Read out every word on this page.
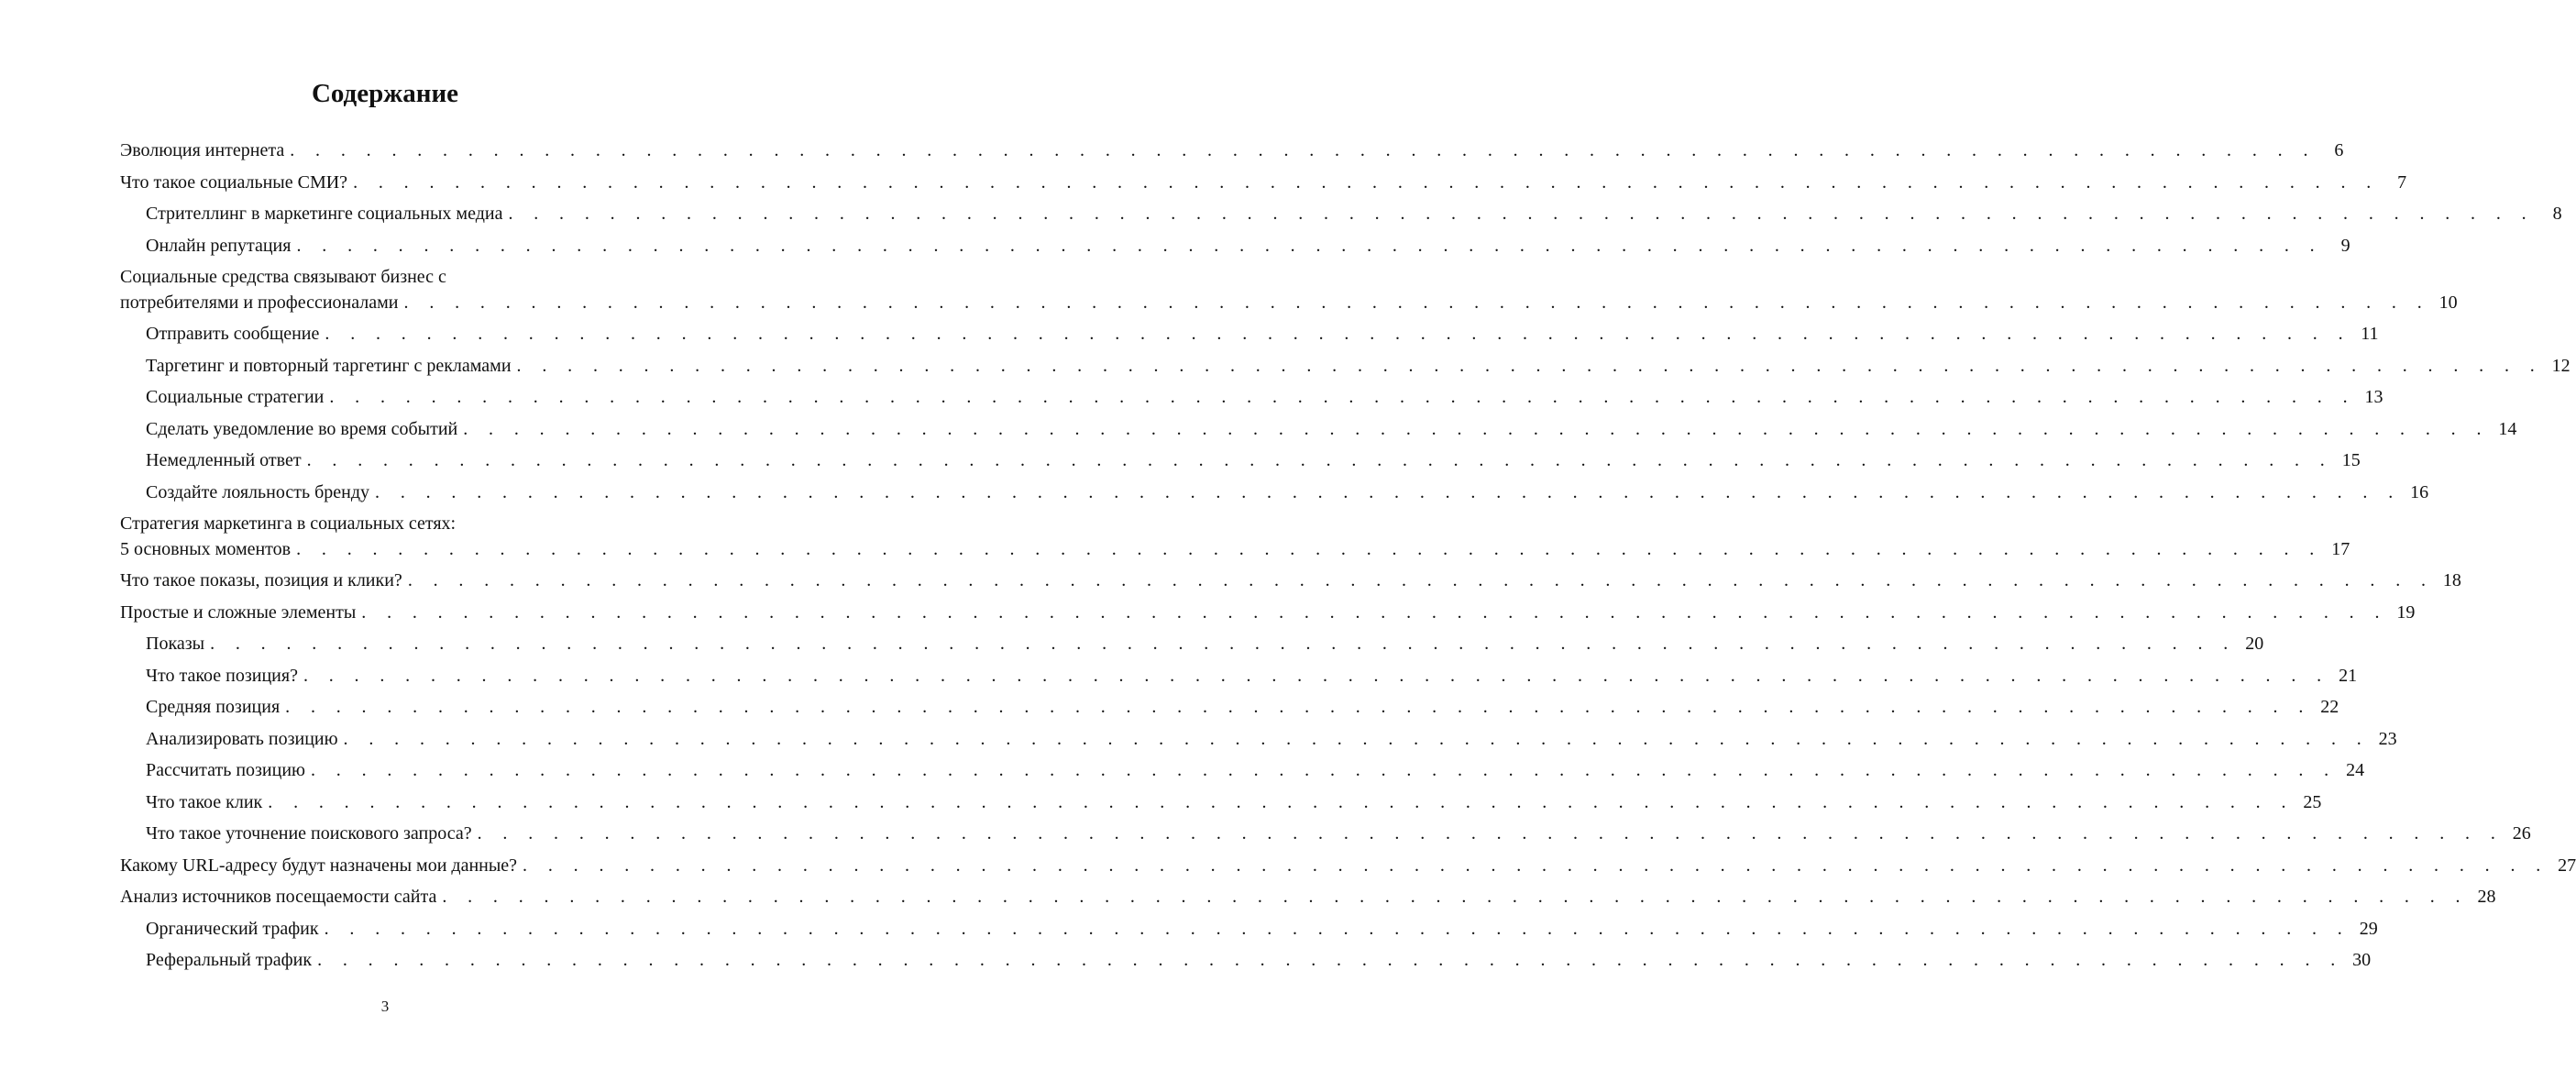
Содержание
Эволюция интернета . . . . . . . . . . . . . . . . . . . . . . . . . . . . . . . . . . . . . . . . . . . . . . . . . . . . . . . . . . . . . . . . . . . . . . . . . . . . . . . .	6
Что такое социальные СМИ? . . . . . . . . . . . . . . . . . . . . . . . . . . . . . . . . . . . . . . . . . . . . . . . . . . . . . . . . . . . . . . . . . . . . . . . . . . . . . . . .	7
Стрителлинг в маркетинге социальных медиа . . . . . . . . . . . . . . . . . . . . . . . . . . . . . . . . . . . . . . . . . . . . . . . . . . . . . . . . . . . . . . . . . . . . . . . . . . . . . . . .	8
Онлайн репутация . . . . . . . . . . . . . . . . . . . . . . . . . . . . . . . . . . . . . . . . . . . . . . . . . . . . . . . . . . . . . . . . . . . . . . . . . . . . . . . .	9
Социальные средства связывают бизнес с
потребителями и профессионалами . . . . . . . . . . . . . . . . . . . . . . . . . . . . . . . . . . . . . . . . . . . . . . . . . . . . . . . . . . . . . . . . . . . . . . . . . . . . . . . . 10
Отправить сообщение . . . . . . . . . . . . . . . . . . . . . . . . . . . . . . . . . . . . . . . . . . . . . . . . . . . . . . . . . . . . . . . . . . . . . . . . . . . . . . . . 11
Таргетинг и повторный таргетинг с рекламами . . . . . . . . . . . . . . . . . . . . . . . . . . . . . . . . . . . . . . . . . . . . . . . . . . . . . . . . . . . . . . . . . . . . . . . . . . . . . . . . 12
Социальные стратегии . . . . . . . . . . . . . . . . . . . . . . . . . . . . . . . . . . . . . . . . . . . . . . . . . . . . . . . . . . . . . . . . . . . . . . . . . . . . . . . . 13
Сделать уведомление во время событий . . . . . . . . . . . . . . . . . . . . . . . . . . . . . . . . . . . . . . . . . . . . . . . . . . . . . . . . . . . . . . . . . . . . . . . . . . . . . . . . 14
Немедленный ответ . . . . . . . . . . . . . . . . . . . . . . . . . . . . . . . . . . . . . . . . . . . . . . . . . . . . . . . . . . . . . . . . . . . . . . . . . . . . . . . . 15
Создайте лояльность бренду . . . . . . . . . . . . . . . . . . . . . . . . . . . . . . . . . . . . . . . . . . . . . . . . . . . . . . . . . . . . . . . . . . . . . . . . . . . . . . . . 16
Стратегия маркетинга в социальных сетях:
5 основных моментов . . . . . . . . . . . . . . . . . . . . . . . . . . . . . . . . . . . . . . . . . . . . . . . . . . . . . . . . . . . . . . . . . . . . . . . . . . . . . . . . 17
Что такое показы, позиция и клики? . . . . . . . . . . . . . . . . . . . . . . . . . . . . . . . . . . . . . . . . . . . . . . . . . . . . . . . . . . . . . . . . . . . . . . . . . . . . . . . . 18
Простые и сложные элементы . . . . . . . . . . . . . . . . . . . . . . . . . . . . . . . . . . . . . . . . . . . . . . . . . . . . . . . . . . . . . . . . . . . . . . . . . . . . . . . . 19
Показы . . . . . . . . . . . . . . . . . . . . . . . . . . . . . . . . . . . . . . . . . . . . . . . . . . . . . . . . . . . . . . . . . . . . . . . . . . . . . . . . 20
Что такое позиция? . . . . . . . . . . . . . . . . . . . . . . . . . . . . . . . . . . . . . . . . . . . . . . . . . . . . . . . . . . . . . . . . . . . . . . . . . . . . . . . . 21
Средняя позиция . . . . . . . . . . . . . . . . . . . . . . . . . . . . . . . . . . . . . . . . . . . . . . . . . . . . . . . . . . . . . . . . . . . . . . . . . . . . . . . . 22
Анализировать позицию . . . . . . . . . . . . . . . . . . . . . . . . . . . . . . . . . . . . . . . . . . . . . . . . . . . . . . . . . . . . . . . . . . . . . . . . . . . . . . . . 23
Рассчитать позицию . . . . . . . . . . . . . . . . . . . . . . . . . . . . . . . . . . . . . . . . . . . . . . . . . . . . . . . . . . . . . . . . . . . . . . . . . . . . . . . . 24
Что такое клик . . . . . . . . . . . . . . . . . . . . . . . . . . . . . . . . . . . . . . . . . . . . . . . . . . . . . . . . . . . . . . . . . . . . . . . . . . . . . . . . 25
Что такое уточнение поискового запроса? . . . . . . . . . . . . . . . . . . . . . . . . . . . . . . . . . . . . . . . . . . . . . . . . . . . . . . . . . . . . . . . . . . . . . . . . . . . . . . . . 26
Какому URL-адресу будут назначены мои данные? . . . . . . . . . . . . . . . . . . . . . . . . . . . . . . . . . . . . . . . . . . . . . . . . . . . . . . . . . . . . . . . . . . . . . . . . . . . . . . . . 27
Анализ источников посещаемости сайта . . . . . . . . . . . . . . . . . . . . . . . . . . . . . . . . . . . . . . . . . . . . . . . . . . . . . . . . . . . . . . . . . . . . . . . . . . . . . . . . 28
Органический трафик . . . . . . . . . . . . . . . . . . . . . . . . . . . . . . . . . . . . . . . . . . . . . . . . . . . . . . . . . . . . . . . . . . . . . . . . . . . . . . . . 29
Реферальный трафик . . . . . . . . . . . . . . . . . . . . . . . . . . . . . . . . . . . . . . . . . . . . . . . . . . . . . . . . . . . . . . . . . . . . . . . . . . . . . . . . 30
3
